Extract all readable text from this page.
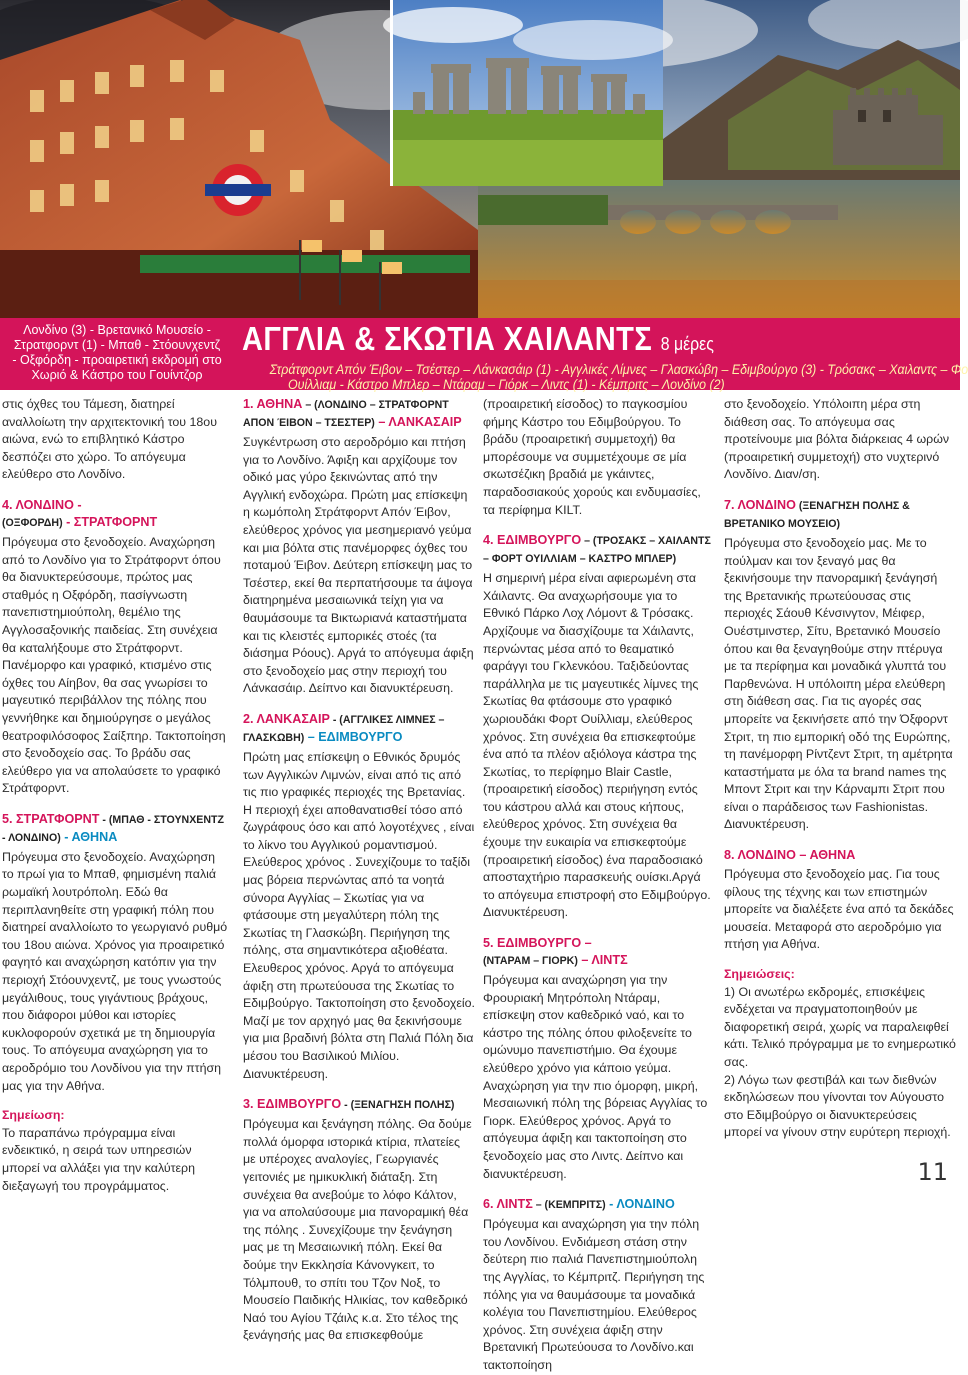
Λονδίνο (3) - Βρετανικό Μουσείο -
Στρατφορντ (1) - Μπαθ - Στόουνχεντζ
- Οξφόρδη - προαιρετική εκδρομή στο
Χωριό & Κάστρο του Γουίντζορ
ΑΓΓΛΙΑ & ΣΚΩΤΙΑ ΧΑΙΛΑΝΤΣ 8 μέρες
Στράτφορντ Απόν Έιβον – Τσέστερ – Λάνκασάιρ (1) - Αγγλικές Λίμνες – Γλασκώβη – Εδιμβούργο (3) - Τρόσακς – Χαιλαντς – Φο
Ουίλλιαμ - Κάστρο Μπλερ – Ντάραμ – Γιόρκ – Λιντς (1) - Κέμπριτς – Λονδίνο (2)

στις όχθες του Τάμεση, διατηρεί αναλλοίωτη την αρχιτεκτονική του 18ου αιώνα, ενώ το επιβλητικό Κάστρο δεσπόζει στο χώρο. Το απόγευμα ελεύθερο στο Λονδίνο.

4. ΛΟΝΔΙΝΟ -
(ΟΞΦΟΡΔΗ) - ΣΤΡΑΤΦΟΡΝΤ

Πρόγευμα στο ξενοδοχείο. Αναχώρηση από το Λονδίνο για το Στράτφορντ όπου θα διανυκτερεύσουμε, πρώτος μας σταθμός η Οξφόρδη, πασίγνωστη πανεπιστημιούπολη, θεμέλιο της Αγγλοσαξονικής παιδείας. Στη συνέχεια θα καταλήξουμε στο Στράτφορντ. Πανέμορφο και γραφικό, κτισμένο στις όχθες του Αίηβον, θα σας γνωρίσει το μαγευτικό περιβάλλον της πόλης που γεννήθηκε και δημιούργησε ο μεγάλος θεατροφιλόσοφος Σαίξπηρ. Τακτοποίηση στο ξενοδοχείο σας. Το βράδυ σας ελεύθερο για να απολαύσετε το γραφικό Στράτφορντ.

5. ΣΤΡΑΤΦΟΡΝΤ - (ΜΠΑΘ - ΣΤΟΥΝΧΕΝΤΖ - ΛΟΝΔΙΝΟ) - ΑΘΗΝΑ

Πρόγευμα στο ξενοδοχείο. Αναχώρηση το πρωί για το Μπαθ, φημισμένη παλιά ρωμαϊκή λουτρόπολη. Εδώ θα περιπλανηθείτε στη γραφική πόλη που διατηρεί αναλλοίωτο το γεωργιανό ρυθμό του 18ου αιώνα. Χρόνος για προαιρετικό φαγητό και αναχώρηση κατόπιν για την περιοχή Στόουνχεντζ, με τους γνωστούς μεγάλιθους, τους γιγάντιους βράχους, που διάφοροι μύθοι και ιστορίες κυκλοφορούν σχετικά με τη δημιουργία τους. Το απόγευμα αναχώρηση για το αεροδρόμιο του Λονδίνου για την πτήση μας για την Αθήνα.

Σημείωση:

Το παραπάνω πρόγραμμα είναι ενδεικτικό, η σειρά των υπηρεσιών μπορεί να αλλάξει για την καλύτερη διεξαγωγή του προγράμματος.

1. ΑΘΗΝΑ – (ΛΟΝΔΙΝΟ – ΣΤΡΑΤΦΟΡΝΤ ΑΠΟΝ ΈΙΒΟΝ – ΤΣΕΣΤΕΡ) – ΛΑΝΚΑΣΑΙΡ

Συγκέντρωση στο αεροδρόμιο και πτήση για το Λονδίνο. Άφιξη και αρχίζουμε τον οδικό μας γύρο ξεκινώντας από την Αγγλική ενδοχώρα. Πρώτη μας επίσκεψη η κωμόπολη Στράτφορντ Απόν Έιβον, ελεύθερος χρόνος για μεσημεριανό γεύμα και μια βόλτα στις πανέμορφες όχθες του ποταμού Έιβον. Δεύτερη επίσκεψη μας το Τσέστερ, εκεί θα περπατήσουμε τα άψογα διατηρημένα μεσαιωνικά τείχη για να θαυμάσουμε τα Βικτωριανά καταστήματα και τις κλειστές εμπορικές στοές (τα διάσημα Ρόους). Αργά το απόγευμα άφιξη στο ξενοδοχείο μας στην περιοχή του Λάνκασάιρ. Δείπνο και διανυκτέρευση.

2. ΛΑΝΚΑΣΑΙΡ - (ΑΓΓΛΙΚΕΣ ΛΙΜΝΕΣ – ΓΛΑΣΚΩΒΗ) – ΕΔΙΜΒΟΥΡΓΟ

Πρώτη μας επίσκεψη ο Εθνικός δρυμός των Αγγλικών Λιμνών, είναι από τις από τις πιο γραφικές περιοχές της Βρετανίας. Η περιοχή έχει αποθανατισθεί τόσο από ζωγράφους όσο και από λογοτέχνες , είναι το λίκνο του Αγγλικού ρομαντισμού. Ελεύθερος χρόνος . Συνεχίζουμε το ταξίδι μας βόρεια περνώντας από τα νοητά σύνορα Αγγλίας – Σκωτίας για να φτάσουμε στη μεγαλύτερη πόλη της Σκωτίας τη Γλασκώβη. Περιήγηση της πόλης, στα σημαντικότερα αξιοθέατα. Ελευθερος χρόνος. Αργά το απόγευμα άφιξη στη πρωτεύουσα της Σκωτίας το Εδιμβούργο. Τακτοποίηση στο ξενοδοχείο. Μαζί με τον αρχηγό μας θα ξεκινήσουμε για μια βραδινή βόλτα στη Παλιά Πόλη δια μέσου του Βασιλικού Μιλίου. Διανυκτέρευση.

3. ΕΔΙΜΒΟΥΡΓΟ - (ΞΕΝΑΓΗΣΗ ΠΟΛΗΣ)

Πρόγευμα και ξενάγηση πόλης. Θα δούμε πολλά όμορφα ιστορικά κτίρια, πλατείες με υπέροχες αναλογίες, Γεωργιανές γειτονιές με ημικυκλική διάταξη. Στη συνέχεια θα ανεβούμε το λόφο Κάλτον, για να απολαύσουμε μια πανοραμική θέα της πόλης . Συνεχίζουμε την ξενάγηση μας με τη Μεσαιωνική πόλη. Εκεί θα δούμε την Εκκλησία Κάνονγκειτ, το Τόλμπουθ, το σπίτι του Τζον Νοξ, το Μουσείο Παιδικής Ηλικίας, τον καθεδρικό Ναό του Αγίου Τζάιλς κ.α. Στο τέλος της ξενάγησής μας θα επισκεφθούμε

(προαιρετική είσοδος) το παγκοσμίου φήμης Κάστρο του Εδιμβούργου. Το βράδυ (προαιρετική συμμετοχή) θα μπορέσουμε να συμμετέχουμε σε μία σκωτσέζικη βραδιά με γκάιντες, παραδοσιακούς χορούς και ενδυμασίες, τα περίφημα KILT.

4. ΕΔΙΜΒΟΥΡΓΟ – (ΤΡΟΣΑΚΣ – ΧΑΙΛΑΝΤΣ – ΦΟΡΤ ΟΥΙΛΛΙΑΜ – ΚΑΣΤΡΟ ΜΠΛΕΡ)

Η σημερινή μέρα είναι αφιερωμένη στα Χάιλαντς. Θα αναχωρήσουμε για το Εθνικό Πάρκο Λοχ Λόμοντ & Τρόσακς. Αρχίζουμε να διασχίζουμε τα Χάιλαντς, περνώντας μέσα από το θεαματικό φαράγγι του Γκλενκόου. Ταξιδεύοντας παράλληλα με τις μαγευτικές λίμνες της Σκωτίας θα φτάσουμε στο γραφικό χωριουδάκι Φορτ Ουίλλιαμ, ελεύθερος χρόνος. Στη συνέχεια θα επισκεφτούμε ένα από τα πλέον αξιόλογα κάστρα της Σκωτίας, το περίφημο Blair Castle, (προαιρετική είσοδος) περιήγηση εντός του κάστρου αλλά και στους κήπους, ελεύθερος χρόνος. Στη συνέχεια θα έχουμε την ευκαιρία να επισκεφτούμε (προαιρετική είσοδος) ένα παραδοσιακό αποσταχτήριο παρασκευής ουίσκι.Αργά το απόγευμα επιστροφή στο Εδιμβούργο. Διανυκτέρευση.

5. ΕΔΙΜΒΟΥΡΓΟ –
(ΝΤΑΡΑΜ – ΓΙΟΡΚ) – ΛΙΝΤΣ

Πρόγευμα και αναχώρηση για την Φρουριακή Μητρόπολη Ντάραμ, επίσκεψη στον καθεδρικό ναό, και το κάστρο της πόλης όπου φιλοξενείτε το ομώνυμο πανεπιστήμιο. Θα έχουμε ελεύθερο χρόνο για κάποιο γεύμα. Αναχώρηση για την πιο όμορφη, μικρή, Μεσαιωνική πόλη της βόρειας Αγγλίας το Γιορκ. Ελεύθερος χρόνος. Αργά το απόγευμα άφιξη και τακτοποίηση στο ξενοδοχείο μας στο Λιντς. Δείπνο και διανυκτέρευση.

6. ΛΙΝΤΣ – (ΚΕΜΠΡΙΤΣ) - ΛΟΝΔΙΝΟ

Πρόγευμα και αναχώρηση για την πόλη του Λονδίνου. Ενδιάμεση στάση στην δεύτερη πιο παλιά Πανεπιστημιούπολη της Αγγλίας, το Κέμπριτζ. Περιήγηση της πόλης για να θαυμάσουμε τα μοναδικά κολέγια του Πανεπιστημίου. Ελεύθερος χρόνος. Στη συνέχεια άφιξη στην Βρετανική Πρωτεύουσα το Λονδίνο.και τακτοποίηση

στο ξενοδοχείο. Υπόλοιπη μέρα στη διάθεση σας. Το απόγευμα σας προτείνουμε μια βόλτα διάρκειας 4 ωρών (προαιρετική συμμετοχή) στο νυχτερινό Λονδίνο. Διαν/ση.

7. ΛΟΝΔΙΝΟ (ΞΕΝΑΓΗΣΗ ΠΟΛΗΣ & ΒΡΕΤΑΝΙΚΟ ΜΟΥΣΕΙΟ)

Πρόγευμα στο ξενοδοχείο μας. Με το πούλμαν και τον ξεναγό μας θα ξεκινήσουμε την πανοραμική ξενάγησή της Βρετανικής πρωτεύουσας στις περιοχές Σάουθ Κένσινγτον, Μέιφερ, Ουέστμινστερ, Σίτυ, Βρετανικό Μουσείο όπου και θα ξεναγηθούμε στην πτέρυγα με τα περίφημα και μοναδικά γλυπτά του Παρθενώνα. Η υπόλοιπη μέρα ελεύθερη στη διάθεση σας. Για τις αγορές σας μπορείτε να ξεκινήσετε από την Όξφορντ Στριτ, τη πιο εμπορική οδό της Ευρώπης, τη πανέμορφη Ρίντζεντ Στριτ, τη αμέτρητα καταστήματα με όλα τα brand names της Μποντ Στριτ και την Κάρναμπι Στριτ που είναι ο παράδεισος των Fashionistas. Διανυκτέρευση.

8. ΛΟΝΔΙΝΟ – ΑΘΗΝΑ

Πρόγευμα στο ξενοδοχείο μας. Για τους φίλους της τέχνης και των επιστημών μπορείτε να διαλέξετε ένα από τα δεκάδες μουσεία. Μεταφορά στο αεροδρόμιο για πτήση για Αθήνα.

Σημειώσεις:

1) Οι ανωτέρω εκδρομές, επισκέψεις ενδέχεται να πραγματοποιηθούν με διαφορετική σειρά, χωρίς να παραλειφθεί κάτι. Τελικό πρόγραμμα με το ενημερωτικό σας.

2) Λόγω των φεστιβάλ και των διεθνών εκδηλώσεων που γίνονται τον Αύγουστο στο Εδιμβούργο οι διανυκτερεύσεις μπορεί να γίνουν στην ευρύτερη περιοχή.

11
